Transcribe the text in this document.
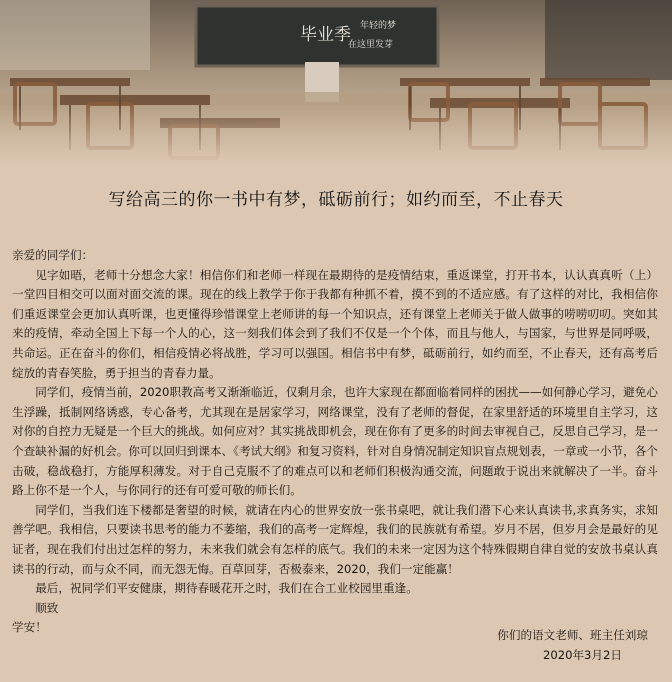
毕业季 年轻的梦
在这里发芽
写给高三的你一书中有梦，砥砺前行；如约而至，不止春天

亲爱的同学们：

见字如晤，老师十分想念大家！相信你们和老师一样现在最期待的是疫情结束，重返课堂，打开书本，认认真真听（上）一堂四目相交可以面对面交流的课。现在的线上教学于你于我都有种抓不着，摸不到的不适应感。有了这样的对比，我相信你们重返课堂会更加认真听课，也更懂得珍惜课堂上老师讲的每一个知识点，还有课堂上老师关于做人做事的唠唠叨叨。突如其来的疫情，牵动全国上下每一个人的心，这一刻我们体会到了我们不仅是一个个体，而且与他人，与国家，与世界是同呼吸，共命运。正在奋斗的你们，相信疫情必将战胜，学习可以强国。相信书中有梦，砥砺前行，如约而至，不止春天，还有高考后绽放的青春笑脸，勇于担当的青春力量。

同学们，疫情当前，2020职教高考又渐渐临近，仅剩月余，也许大家现在都面临着同样的困扰——如何静心学习，避免心生浮躁，抵制网络诱惑，专心备考，尤其现在是居家学习，网络课堂，没有了老师的督促，在家里舒适的环境里自主学习，这对你的自控力无疑是一个巨大的挑战。如何应对？其实挑战即机会，现在你有了更多的时间去审视自己，反思自己学习，是一个查缺补漏的好机会。你可以回归到课本、《考试大纲》和复习资料，针对自身情况制定知识盲点规划表，一章或一小节，各个击破，稳战稳打，方能厚积薄发。对于自己克服不了的难点可以和老师们积极沟通交流，问题敢于说出来就解决了一半。奋斗路上你不是一个人，与你同行的还有可爱可敬的师长们。

同学们，当我们连下楼都是奢望的时候，就请在内心的世界安放一张书桌吧，就让我们潜下心来认真读书,求真务实，求知善学吧。我相信，只要读书思考的能力不萎缩，我们的高考一定辉煌，我们的民族就有希望。岁月不居，但岁月会是最好的见证者，现在我们付出过怎样的努力，未来我们就会有怎样的底气。我们的未来一定因为这个特殊假期自律自觉的安放书桌认真读书的行动，而与众不同，而无怨无悔。百草回芽，否极泰来，2020，我们一定能赢！

最后，祝同学们平安健康，期待春暖花开之时，我们在合工业校园里重逢。

顺致

学安！

你们的语文老师、班主任刘琼
2020年3月2日
